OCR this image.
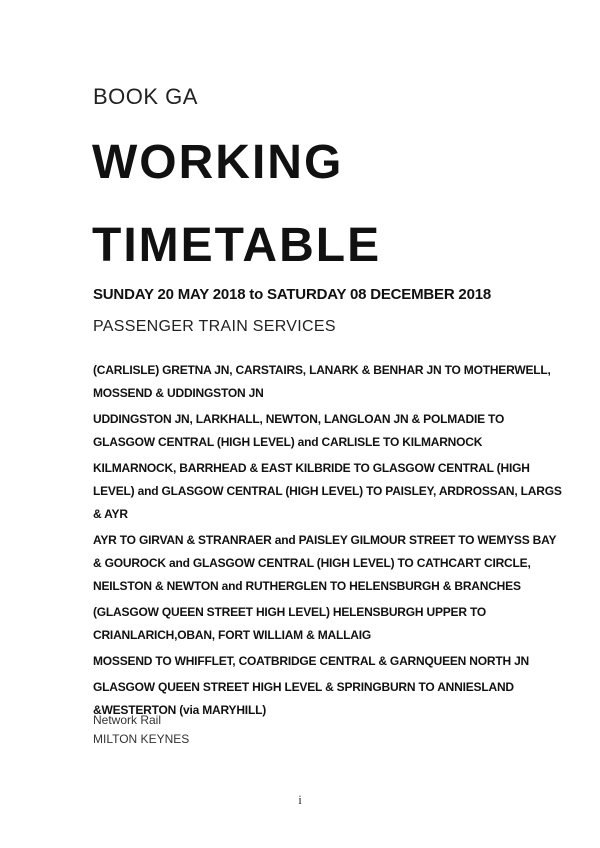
BOOK GA
WORKING
TIMETABLE
SUNDAY 20 MAY 2018 to SATURDAY 08 DECEMBER 2018
PASSENGER TRAIN SERVICES

(CARLISLE) GRETNA JN, CARSTAIRS, LANARK & BENHAR JN TO MOTHERWELL, MOSSEND & UDDINGSTON JN

UDDINGSTON JN, LARKHALL, NEWTON, LANGLOAN JN & POLMADIE TO GLASGOW CENTRAL (HIGH LEVEL) and CARLISLE TO KILMARNOCK

KILMARNOCK, BARRHEAD & EAST KILBRIDE TO GLASGOW CENTRAL (HIGH LEVEL) and GLASGOW CENTRAL (HIGH LEVEL) TO PAISLEY, ARDROSSAN, LARGS & AYR

AYR TO GIRVAN & STRANRAER and PAISLEY GILMOUR STREET TO WEMYSS BAY & GOUROCK and GLASGOW CENTRAL (HIGH LEVEL) TO CATHCART CIRCLE, NEILSTON & NEWTON and RUTHERGLEN TO HELENSBURGH & BRANCHES

(GLASGOW QUEEN STREET HIGH LEVEL) HELENSBURGH UPPER TO CRIANLARICH,OBAN, FORT WILLIAM & MALLAIG

MOSSEND TO WHIFFLET, COATBRIDGE CENTRAL & GARNQUEEN NORTH JN

GLASGOW QUEEN STREET HIGH LEVEL & SPRINGBURN TO ANNIESLAND &WESTERTON (via MARYHILL)

Network Rail
MILTON KEYNES
i
